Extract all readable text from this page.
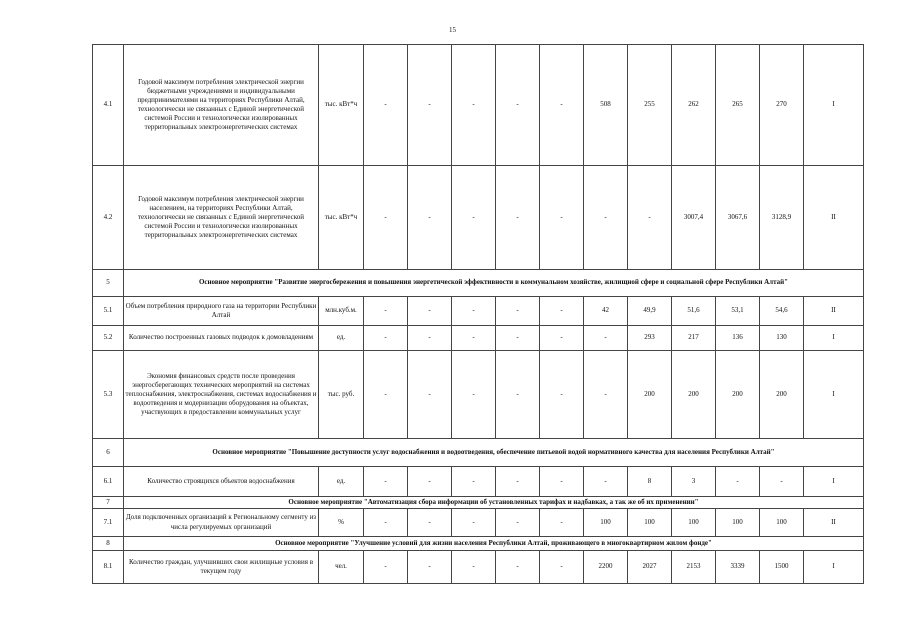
15
4.1	Годовой максимум потребления электрической энергии бюджетными учреждениями и индивидуальными предпринимателями на территориях Республики Алтай, технологически не связанных с Единой энергетической системой России и технологически изолированных территориальных электроэнергетических системах	тыс. кВт*ч	-	-	-	-	-	508	255	262	265	270	I
4.2	Годовой максимум потребления электрической энергии населением, на территориях Республики Алтай, технологически не связанных с Единой энергетической системой России и технологически изолированных территориальных электроэнергетических системах	тыс. кВт*ч	-	-	-	-	-	-	-	3007,4	3067,6	3128,9	II
5	Основное мероприятие "Развитие энергосбережения и повышения энергетической эффективности в коммунальном хозяйстве, жилищной сфере и социальной сфере Республики Алтай"												
5.1	Объем потребления природного газа на территории Республики Алтай	млн.куб.м.	-	-	-	-	-	42	49,9	51,6	53,1	54,6	II
5.2	Количество построенных газовых подводок к домовладениям	ед.	-	-	-	-	-	-	293	217	136	130	I
5.3	Экономия финансовых средств после проведения энергосберегающих технических мероприятий на системах теплоснабжения, электроснабжения, системах водоснабжения и водоотведения и модернизации оборудования на объектах, участвующих в предоставлении коммунальных услуг	тыс. руб.	-	-	-	-	-	-	200	200	200	200	I
6	Основное мероприятие "Повышение доступности услуг водоснабжения и водоотведения, обеспечение питьевой водой нормативного качества для населения Республики Алтай"												
6.1	Количество строящихся объектов водоснабжения	ед.	-	-	-	-	-	-	8	3	-	-	I
7	Основное мероприятие "Автоматизация сбора информации об установленных тарифах и надбавках, а так же об их применении"												
7.1	Доля подключенных организаций к Региональному сегменту из числа регулируемых организаций	%	-	-	-	-	-	100	100	100	100	100	II
8	Основное мероприятие "Улучшение условий для жизни населения Республики Алтай, проживающего в многоквартирном жилом фонде"												
8.1	Количество граждан, улучшивших свои жилищные условия в текущем году	чел.	-	-	-	-	-	2200	2027	2153	3339	1500	I
